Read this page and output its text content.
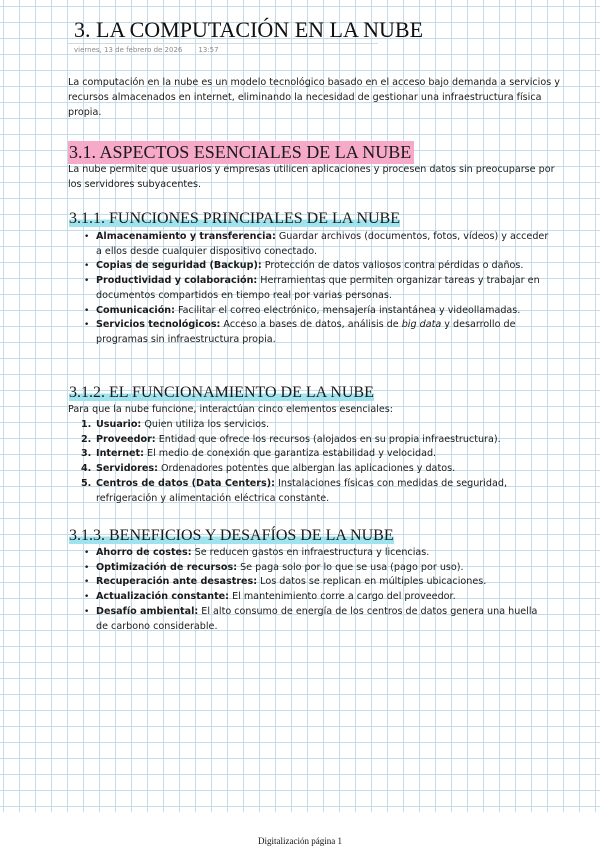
3. LA COMPUTACIÓN EN LA NUBE
viernes, 13 de febrero de 2026 13:57

La computación en la nube es un modelo tecnológico basado en el acceso bajo demanda a servicios y recursos almacenados en internet, eliminando la necesidad de gestionar una infraestructura física propia.

3.1. ASPECTOS ESENCIALES DE LA NUBE

La nube permite que usuarios y empresas utilicen aplicaciones y procesen datos sin preocuparse por los servidores subyacentes.

3.1.1. FUNCIONES PRINCIPALES DE LA NUBE
• Almacenamiento y transferencia: Guardar archivos (documentos, fotos, vídeos) y acceder a ellos desde cualquier dispositivo conectado.
• Copias de seguridad (Backup): Protección de datos valiosos contra pérdidas o daños.
• Productividad y colaboración: Herramientas que permiten organizar tareas y trabajar en documentos compartidos en tiempo real por varias personas.
• Comunicación: Facilitar el correo electrónico, mensajería instantánea y videollamadas.
• Servicios tecnológicos: Acceso a bases de datos, análisis de big data y desarrollo de programas sin infraestructura propia.
3.1.2. EL FUNCIONAMIENTO DE LA NUBE

Para que la nube funcione, interactúan cinco elementos esenciales:

1. Usuario: Quien utiliza los servicios.
2. Proveedor: Entidad que ofrece los recursos (alojados en su propia infraestructura).
3. Internet: El medio de conexión que garantiza estabilidad y velocidad.
4. Servidores: Ordenadores potentes que albergan las aplicaciones y datos.
5. Centros de datos (Data Centers): Instalaciones físicas con medidas de seguridad, refrigeración y alimentación eléctrica constante.
3.1.3. BENEFICIOS Y DESAFÍOS DE LA NUBE
• Ahorro de costes: Se reducen gastos en infraestructura y licencias.
• Optimización de recursos: Se paga solo por lo que se usa (pago por uso).
• Recuperación ante desastres: Los datos se replican en múltiples ubicaciones.
• Actualización constante: El mantenimiento corre a cargo del proveedor.
• Desafío ambiental: El alto consumo de energía de los centros de datos genera una huella de carbono considerable.
Digitalización página 1
